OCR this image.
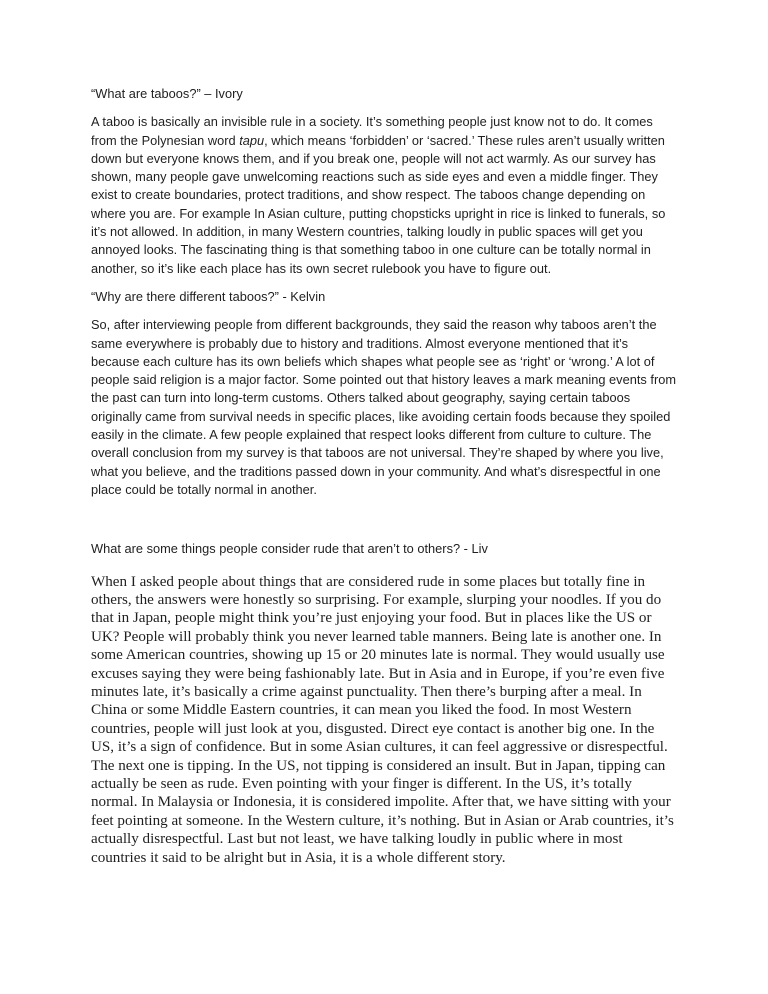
“What are taboos?” – Ivory

A taboo is basically an invisible rule in a society. It’s something people just know not to do. It comes from the Polynesian word tapu, which means ‘forbidden’ or ‘sacred.’ These rules aren’t usually written down but everyone knows them, and if you break one, people will not act warmly. As our survey has shown, many people gave unwelcoming reactions such as side eyes and even a middle finger. They exist to create boundaries, protect traditions, and show respect. The taboos change depending on where you are. For example In Asian culture, putting chopsticks upright in rice is linked to funerals, so it’s not allowed. In addition, in many Western countries, talking loudly in public spaces will get you annoyed looks. The fascinating thing is that something taboo in one culture can be totally normal in another, so it’s like each place has its own secret rulebook you have to figure out.

“Why are there different taboos?” - Kelvin

So, after interviewing people from different backgrounds, they said the reason why taboos aren’t the same everywhere is probably due to history and traditions. Almost everyone mentioned that it’s because each culture has its own beliefs which shapes what people see as ‘right’ or ‘wrong.’ A lot of people said religion is a major factor. Some pointed out that history leaves a mark meaning events from the past can turn into long-term customs. Others talked about geography, saying certain taboos originally came from survival needs in specific places, like avoiding certain foods because they spoiled easily in the climate. A few people explained that respect looks different from culture to culture. The overall conclusion from my survey is that taboos are not universal. They’re shaped by where you live, what you believe, and the traditions passed down in your community. And what’s disrespectful in one place could be totally normal in another.

What are some things people consider rude that aren’t to others? - Liv

When I asked people about things that are considered rude in some places but totally fine in others, the answers were honestly so surprising. For example, slurping your noodles. If you do that in Japan, people might think you’re just enjoying your food. But in places like the US or UK? People will probably think you never learned table manners. Being late is another one. In some American countries, showing up 15 or 20 minutes late is normal. They would usually use excuses saying they were being fashionably late. But in Asia and in Europe, if you’re even five minutes late, it’s basically a crime against punctuality. Then there’s burping after a meal. In China or some Middle Eastern countries, it can mean you liked the food. In most Western countries, people will just look at you, disgusted. Direct eye contact is another big one. In the US, it’s a sign of confidence. But in some Asian cultures, it can feel aggressive or disrespectful. The next one is tipping. In the US, not tipping is considered an insult. But in Japan, tipping can actually be seen as rude. Even pointing with your finger is different. In the US, it’s totally normal. In Malaysia or Indonesia, it is considered impolite. After that, we have sitting with your feet pointing at someone. In the Western culture, it’s nothing. But in Asian or Arab countries, it’s actually disrespectful. Last but not least, we have talking loudly in public where in most countries it said to be alright but in Asia, it is a whole different story.
